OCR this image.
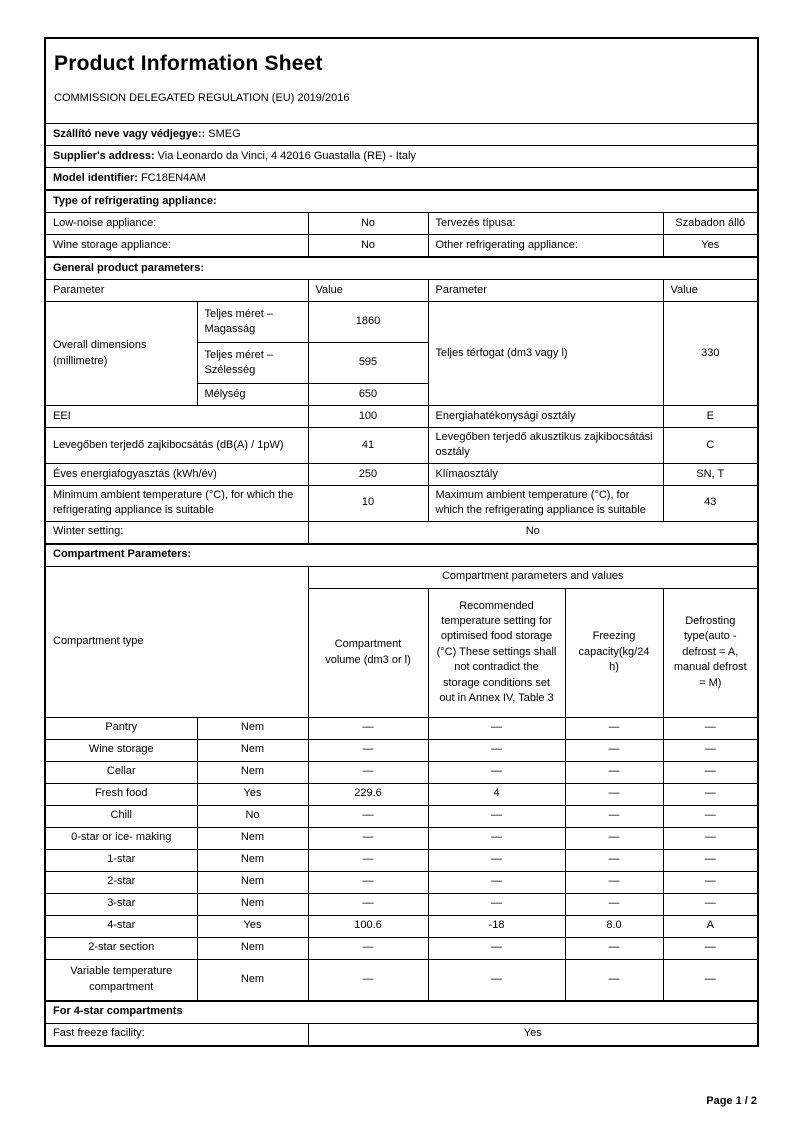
Product Information Sheet
COMMISSION DELEGATED REGULATION (EU) 2019/2016					

Szállító neve vagy védjegye:: SMEG					
Supplier's address: Via Leonardo da Vinci, 4 42016 Guastalla (RE) - Italy					
Model identifier: FC18EN4AM					
Type of refrigerating appliance:					
Low-noise appliance:		No	Tervezés típusa:		Szabadon álló
Wine storage appliance:		No	Other refrigerating appliance:		Yes
General product parameters:					
Parameter		Value	Parameter		Value
Overall dimensions (millimetre)	Teljes méret – Magasság	1860	Teljes térfogat (dm3 vagy l)		330
	Teljes méret – Szélesség	595			
	Mélység	650			
EEI		100	Energiahatékonysági osztály		E
Levegőben terjedő zajkibocsátás (dB(A) / 1pW)		41	Levegőben terjedő akusztikus zajkibocsátási osztály		C
Éves energiafogyasztás (kWh/év)		250	Klímaosztály		SN, T
Minimum ambient temperature (°C), for which the refrigerating appliance is suitable		10	Maximum ambient temperature (°C), for which the refrigerating appliance is suitable		43
Winter setting:		No			
Compartment Parameters:					
Compartment type		Compartment parameters and values			
		Compartment volume (dm3 or l)	Recommended temperature setting for optimised food storage (°C) These settings shall not contradict the storage conditions set out in Annex IV, Table 3	Freezing capacity(kg/24 h)	Defrosting type(auto - defrost = A, manual defrost = M)
Pantry	Nem	—	—	—	—
Wine storage	Nem	—	—	—	—
Cellar	Nem	—	—	—	—
Fresh food	Yes	229.6	4	—	—
Chill	No	—	—	—	—
0-star or ice- making	Nem	—	—	—	—
1-star	Nem	—	—	—	—
2-star	Nem	—	—	—	—
3-star	Nem	—	—	—	—
4-star	Yes	100.6	-18	8.0	A
2-star section	Nem	—	—	—	—
Variable temperature compartment	Nem	—	—	—	—
For 4-star compartments					
Fast freeze facility:		Yes			
Page 1 / 2
